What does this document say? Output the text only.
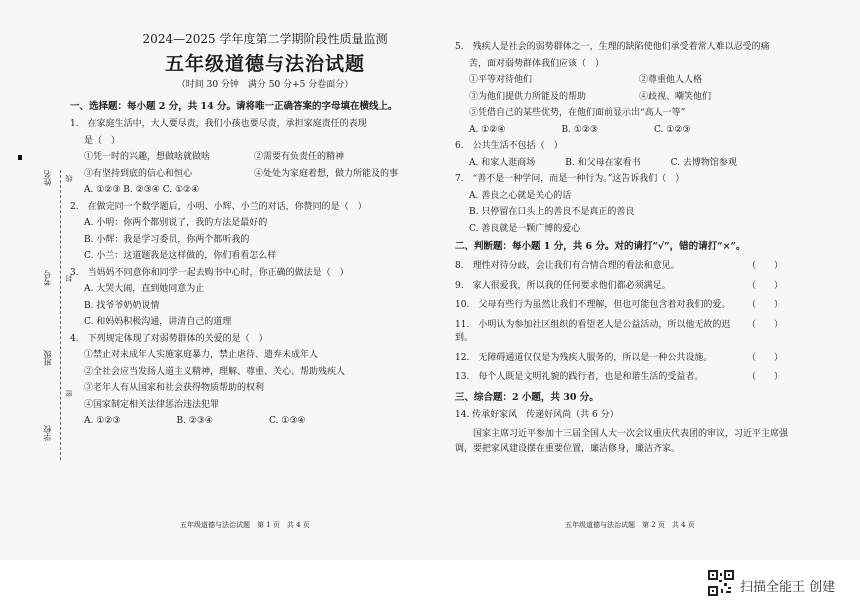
姓名 线
考号 封
班级
密
学校
2024—2025 学年度第二学期阶段性质量监测
五年级道德与法治试题
（时间 30 分钟　满分 50 分+5 分卷面分）
一、选择题：每小题 2 分，共 14 分。请将唯一正确答案的字母填在横线上。
1.　在家庭生活中，大人要尽责，我们小孩也要尽责，承担家庭责任的表现
是（　）
①凭一时的兴趣，想做啥就做啥	②需要有负责任的精神
③有坚持到底的信心和恒心	④处处为家庭着想，做力所能及的事
A. ①②③ B. ②③④ C. ①②④
2.　在做完同一个数学题后，小明、小辉、小兰的对话，你赞同的是（　）
A. 小明：你两个都别说了，我的方法是最好的
B. 小辉：我是学习委员，你两个都听我的
C. 小兰：这道题我是这样做的，你们看看怎么样
3.　当妈妈不同意你和同学一起去购书中心时，你正确的做法是（　）
A. 大哭大闹，直到她同意为止
B. 找爷爷奶奶说情
C. 和妈妈积极沟通，讲清自己的道理
4.　下列规定体现了对弱势群体的关爱的是（　）
①禁止对未成年人实施家庭暴力，禁止虐待、遗弃未成年人
②全社会应当发扬人道主义精神，理解、尊重、关心、帮助残疾人
③老年人有从国家和社会获得物质帮助的权利
④国家制定相关法律惩治违法犯罪
A. ①②③	B. ②③④	C. ①③④
五年级道德与法治试题　第 1 页　共 4 页
5.　残疾人是社会的弱势群体之一，生理的缺陷使他们承受着常人难以忍受的痛
苦，面对弱势群体我们应该（　）
①平等对待他们	②尊重他人人格
③为他们提供力所能及的帮助	④歧视、嘲笑他们
⑤凭借自己的某些优势，在他们面前显示出“高人一等”
A. ①②④	B. ①②③	C. ①②③
6.　公共生活不包括（　）
A. 和家人逛商场	B. 和父母在家看书	C. 去博物馆参观
7.　“善不是一种学问，而是一种行为。”这告诉我们（　）
A. 善良之心就是关心的话
B. 只停留在口头上的善良不是真正的善良
C. 善良就是一颗广博的爱心
二、判断题：每小题 1 分，共 6 分。对的请打“√”，错的请打“×”。
8.　理性对待分歧，会让我们有合情合理的看法和意见。	（　　）
9.　家人很爱我，所以我的任何要求他们都必须满足。	（　　）
10.　父母有些行为虽然让我们不理解，但也可能包含着对我们的爱。 （　　）
11.　小明认为参加社区组织的看望老人是公益活动，所以他无故的迟到。
（　　）
12.　无障碍通道仅仅是为残疾人服务的，所以是一种公共设施。	（　　）
13.　每个人既是文明礼貌的践行者，也是和谐生活的受益者。	（　　）
三、综合题：2 小题，共 30 分。
14. 传承好家风　传递好风尚（共 6 分）
国家主席习近平参加十三届全国人大一次会议重庆代表团的审议，习近平主席强调，要把家风建设摆在重要位置，廉洁修身，廉洁齐家。
五年级道德与法治试题　第 2 页　共 4 页
扫描全能王 创建
